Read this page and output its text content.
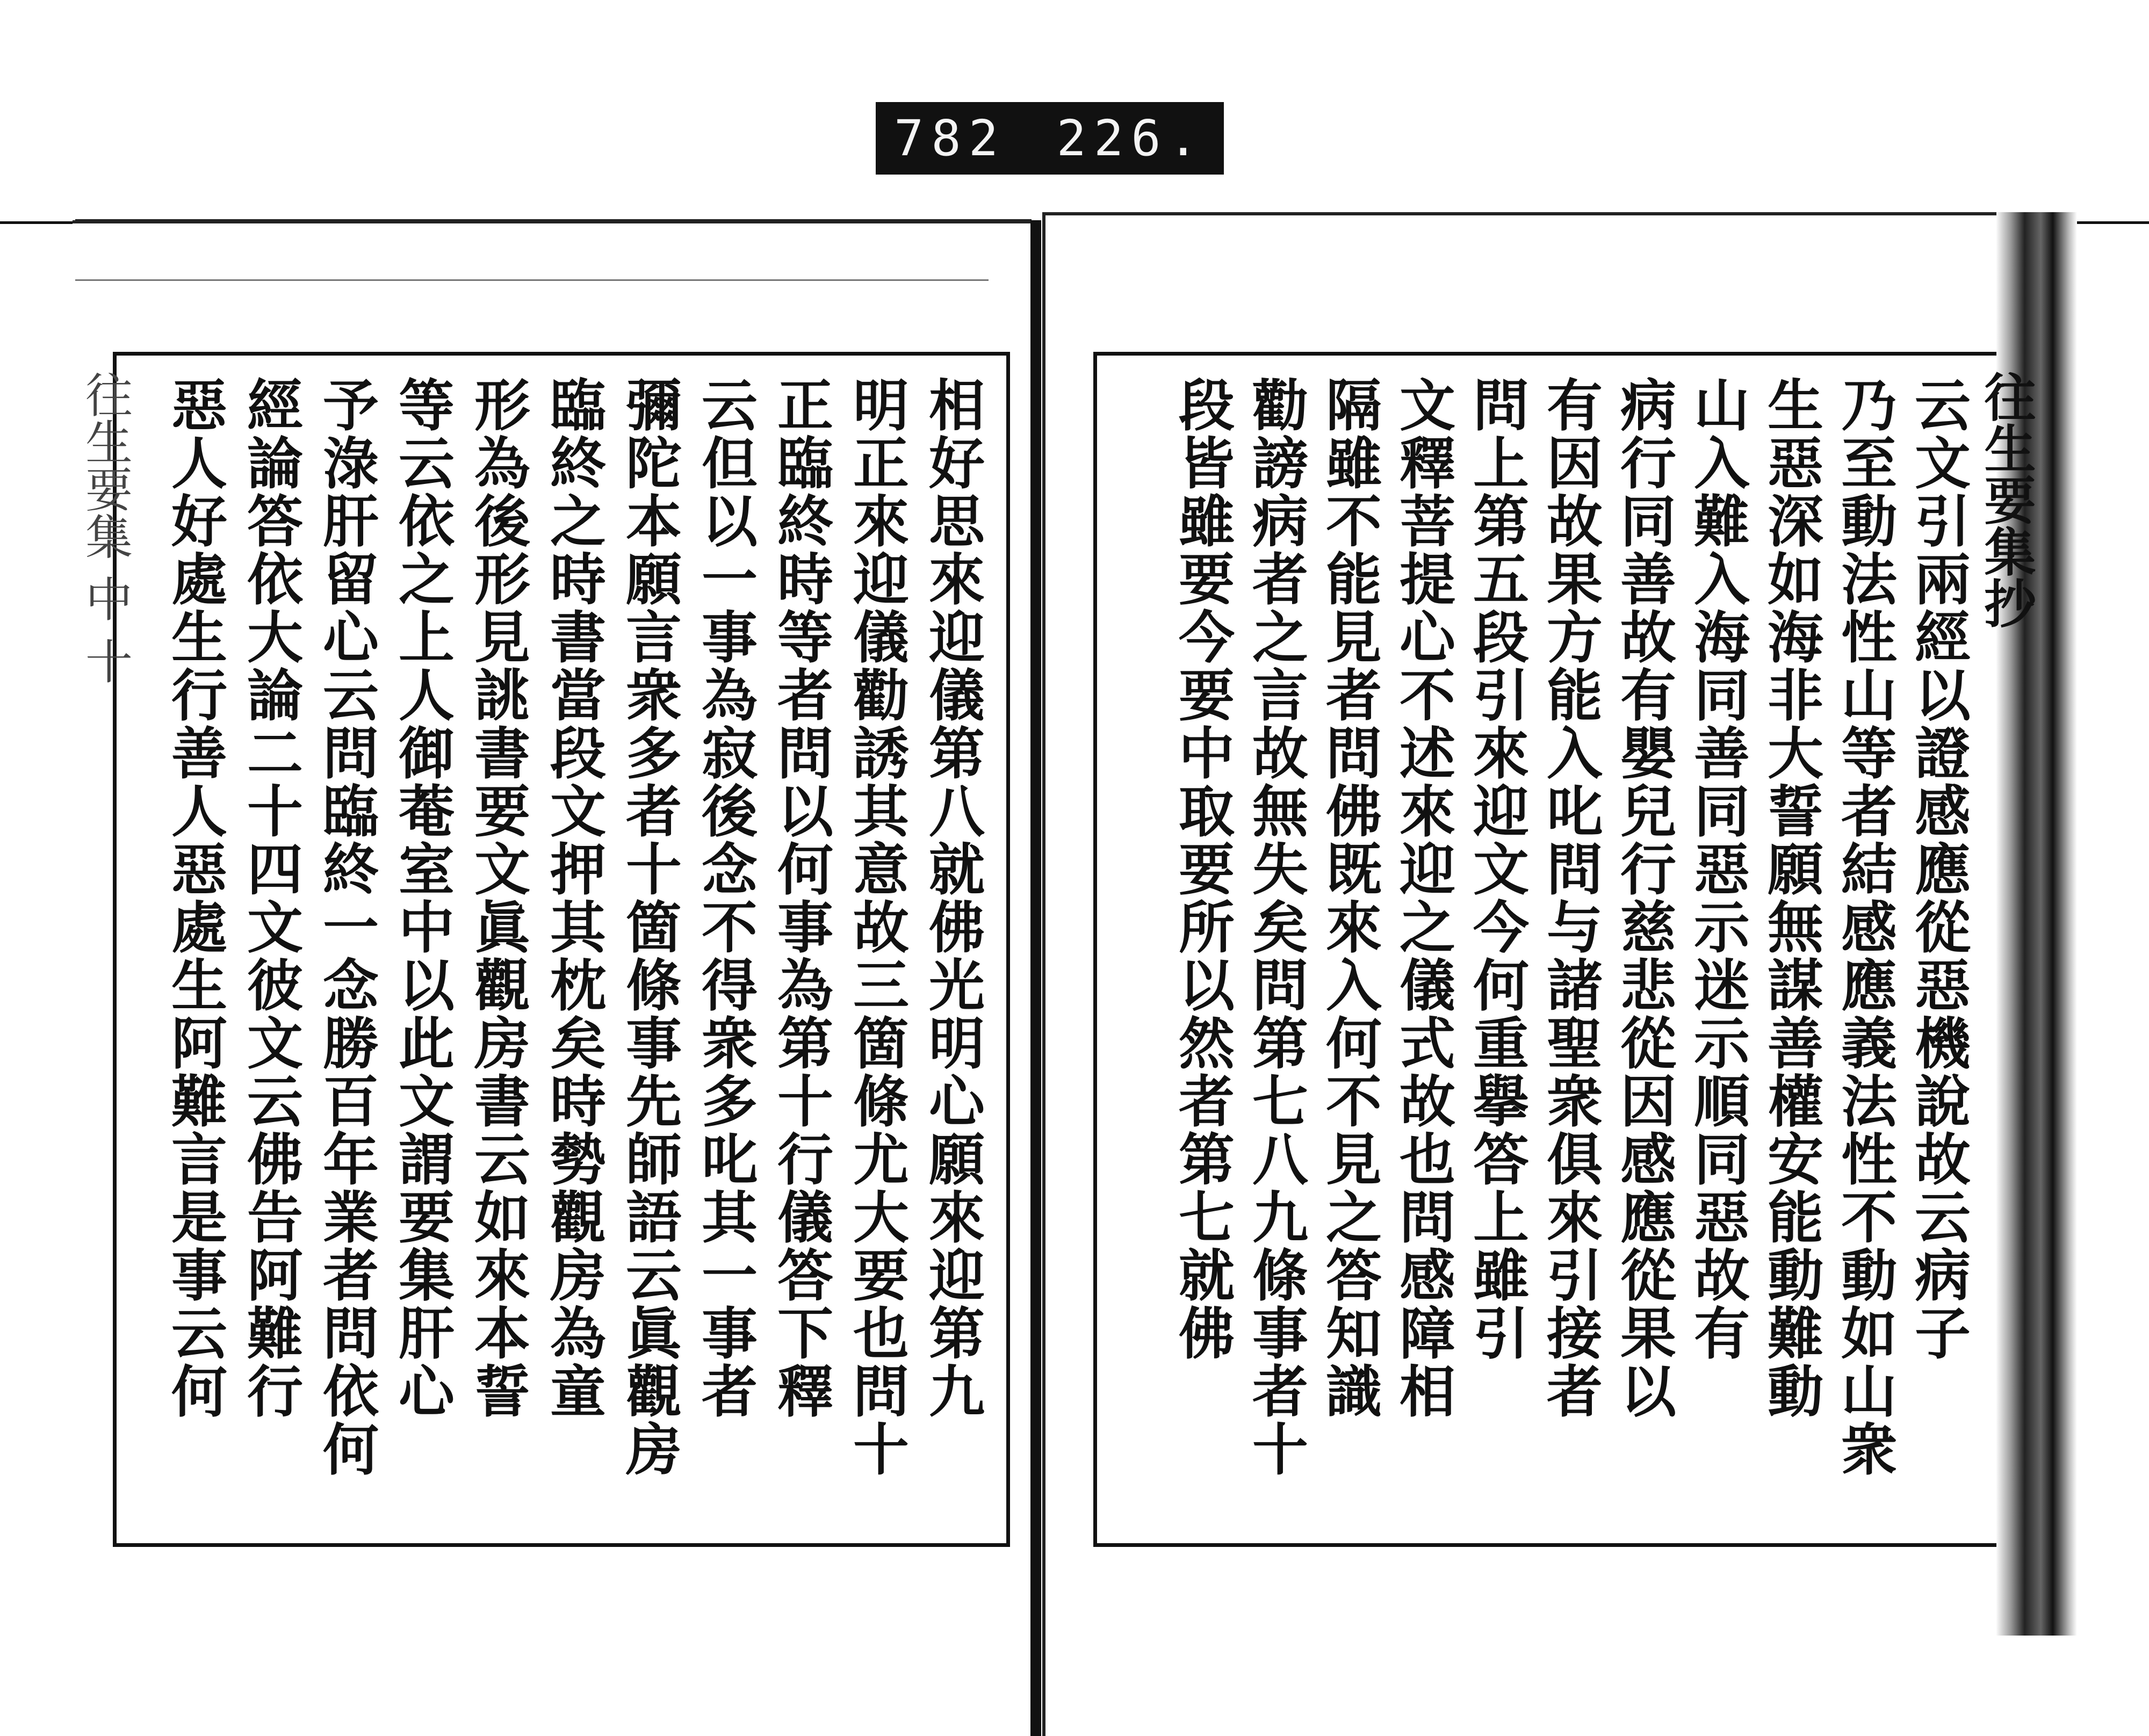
782 226.
往生要集 中 十	相好思來迎儀第八就佛光明心願來迎第九
明正來迎儀勸誘其意故三箇條尤大要也問十
正臨終時等者問以何事為第十行儀答下釋
云但以一事為寂後念不得衆多叱其一事者
彌陀本願言衆多者十箇條事先師語云眞觀房
臨終之時書當段文押其枕矣時勢觀房為童
形為後形見誂書要文眞觀房書云如來本誓
等云依之上人御菴室中以此文謂要集肝心
予淥肝留心云問臨終一念勝百年業者問依何
經論答依大論二十四文彼文云佛告阿難行
惡人好處生行善人惡處生阿難言是事云何	往生要集抄
云文引兩經以證感應從惡機說故云病子
乃至動法性山等者結感應義法性不動如山衆
生惡深如海非大誓願無謀善權安能動難動
山入難入海同善同惡示迷示順同惡故有
病行同善故有嬰兒行慈悲從因感應從果以
有因故果方能入叱問与諸聖衆俱來引接者
問上第五段引來迎文今何重擧答上雖引
文釋菩提心不述來迎之儀式故也問感障相
隔雖不能見者問佛既來入何不見之答知識
勸謗病者之言故無失矣問第七八九條事者十
段皆雖要今要中取要所以然者第七就佛
